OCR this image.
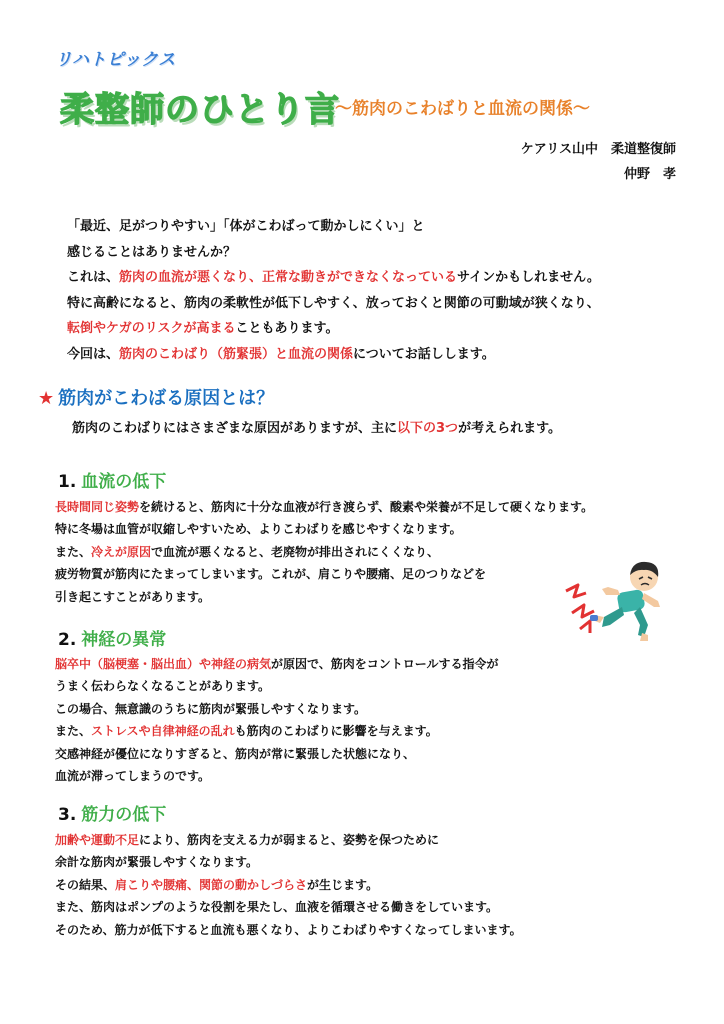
リハトピックス
柔整師のひとり言
～筋肉のこわばりと血流の関係～
ケアリス山中　柔道整復師
仲野　孝

「最近、足がつりやすい」「体がこわばって動かしにくい」と

感じることはありませんか？

これは、筋肉の血流が悪くなり、正常な動きができなくなっているサインかもしれません。

特に高齢になると、筋肉の柔軟性が低下しやすく、放っておくと関節の可動域が狭くなり、

転倒やケガのリスクが高まることもあります。

今回は、筋肉のこわばり（筋緊張）と血流の関係についてお話しします。

★ 筋肉がこわばる原因とは？
筋肉のこわばりにはさまざまな原因がありますが、主に以下の3つが考えられます。
1. 血流の低下

長時間同じ姿勢を続けると、筋肉に十分な血液が行き渡らず、酸素や栄養が不足して硬くなります。

特に冬場は血管が収縮しやすいため、よりこわばりを感じやすくなります。

また、冷えが原因で血流が悪くなると、老廃物が排出されにくくなり、

疲労物質が筋肉にたまってしまいます。これが、肩こりや腰痛、足のつりなどを

引き起こすことがあります。

2. 神経の異常

脳卒中（脳梗塞・脳出血）や神経の病気が原因で、筋肉をコントロールする指令が

うまく伝わらなくなることがあります。

この場合、無意識のうちに筋肉が緊張しやすくなります。

また、ストレスや自律神経の乱れも筋肉のこわばりに影響を与えます。

交感神経が優位になりすぎると、筋肉が常に緊張した状態になり、

血流が滞ってしまうのです。

3. 筋力の低下

加齢や運動不足により、筋肉を支える力が弱まると、姿勢を保つために

余計な筋肉が緊張しやすくなります。

その結果、肩こりや腰痛、関節の動かしづらさが生じます。

また、筋肉はポンプのような役割を果たし、血液を循環させる働きをしています。

そのため、筋力が低下すると血流も悪くなり、よりこわばりやすくなってしまいます。
